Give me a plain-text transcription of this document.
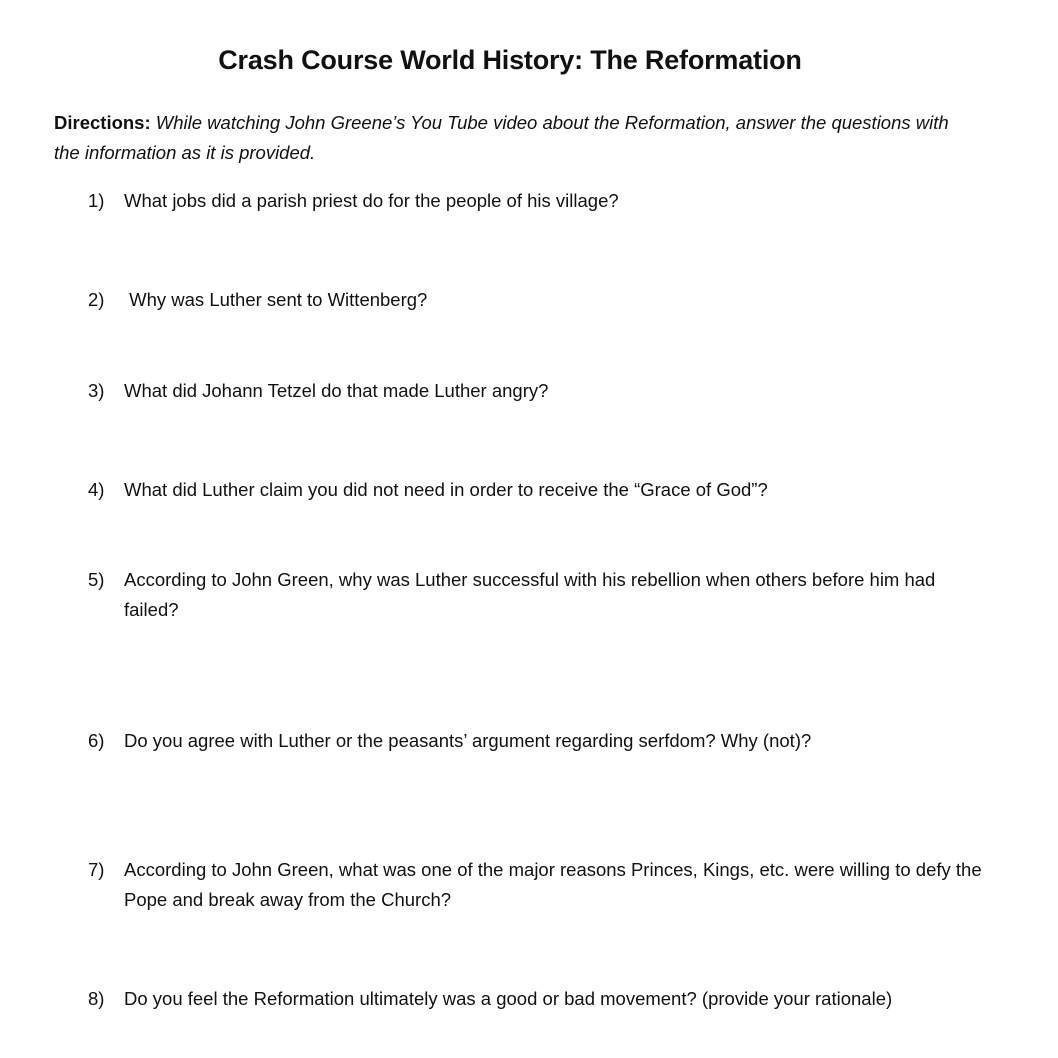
Crash Course World History: The Reformation
Directions: While watching John Greene’s You Tube video about the Reformation, answer the questions with the information as it is provided.
1)	What jobs did a parish priest do for the people of his village?
2)	Why was Luther sent to Wittenberg?
3)	What did Johann Tetzel do that made Luther angry?
4)	What did Luther claim you did not need in order to receive the “Grace of God”?
5)	According to John Green, why was Luther successful with his rebellion when others before him had failed?
6)	Do you agree with Luther or the peasants’ argument regarding serfdom? Why (not)?
7)	According to John Green, what was one of the major reasons Princes, Kings, etc. were willing to defy the Pope and break away from the Church?
8)	Do you feel the Reformation ultimately was a good or bad movement? (provide your rationale)
